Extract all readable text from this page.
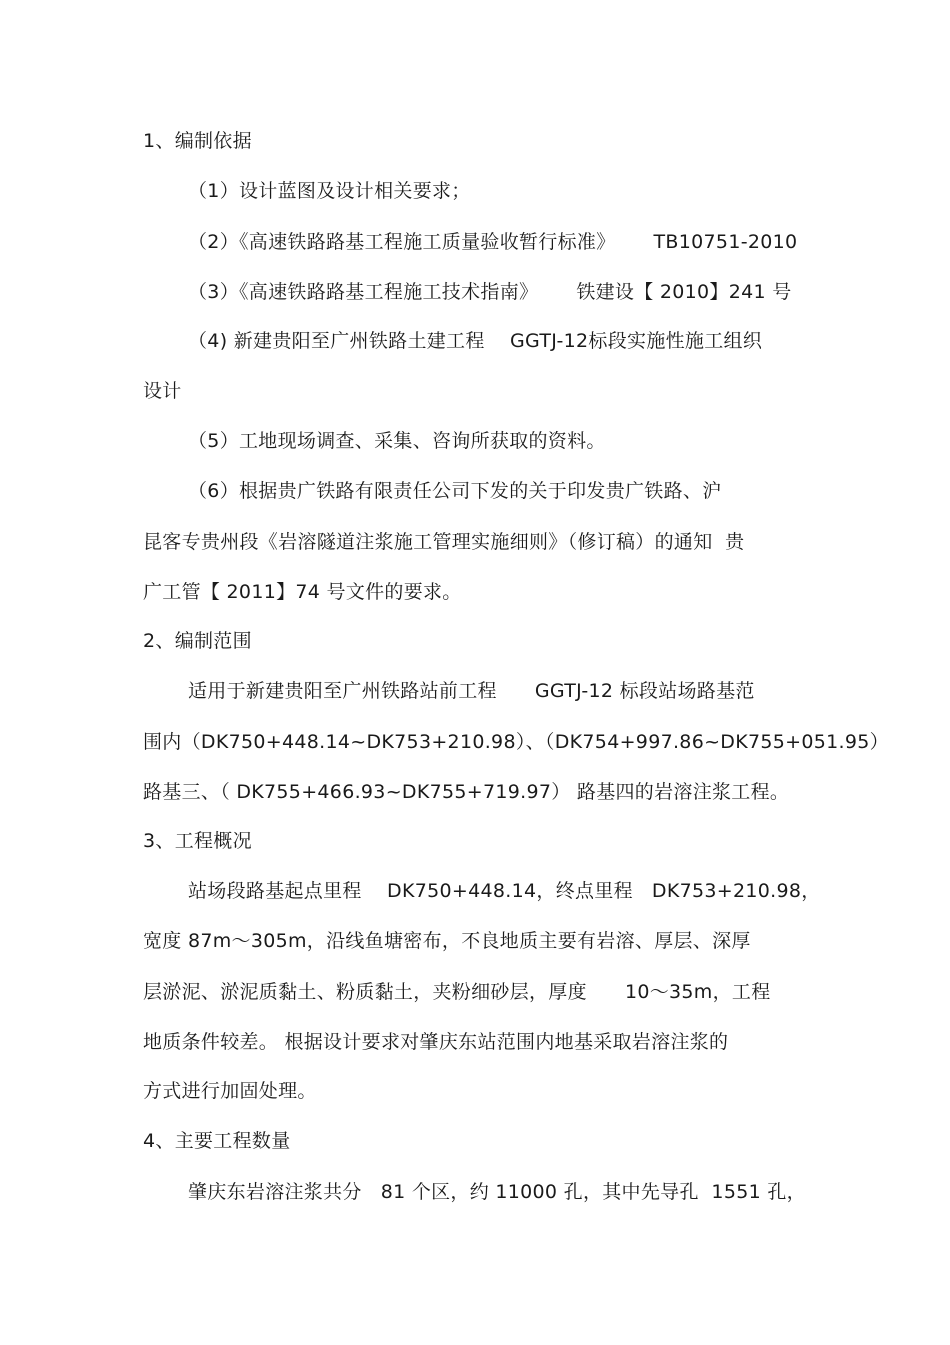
1、编制依据
（1）设计蓝图及设计相关要求；
（2）《高速铁路路基工程施工质量验收暂行标准》      TB10751-2010
（3）《高速铁路路基工程施工技术指南》      铁建设【 2010】241 号
（4) 新建贵阳至广州铁路土建工程    GGTJ-12标段实施性施工组织
设计
（5）工地现场调查、采集、咨询所获取的资料。
（6）根据贵广铁路有限责任公司下发的关于印发贵广铁路、沪
昆客专贵州段《岩溶隧道注浆施工管理实施细则》（修订稿）的通知  贵
广工管【 2011】74 号文件的要求。
2、编制范围
适用于新建贵阳至广州铁路站前工程      GGTJ-12 标段站场路基范
围内（DK750+448.14~DK753+210.98）、（DK754+997.86~DK755+051.95）
路基三、（ DK755+466.93~DK755+719.97） 路基四的岩溶注浆工程。
3、工程概况
站场段路基起点里程    DK750+448.14，终点里程   DK753+210.98，
宽度 87m～305m，沿线鱼塘密布，不良地质主要有岩溶、厚层、深厚
层淤泥、淤泥质黏土、粉质黏土，夹粉细砂层，厚度      10～35m，工程
地质条件较差。 根据设计要求对肇庆东站范围内地基采取岩溶注浆的
方式进行加固处理。
4、主要工程数量
肇庆东岩溶注浆共分   81 个区，约 11000 孔，其中先导孔  1551 孔，
